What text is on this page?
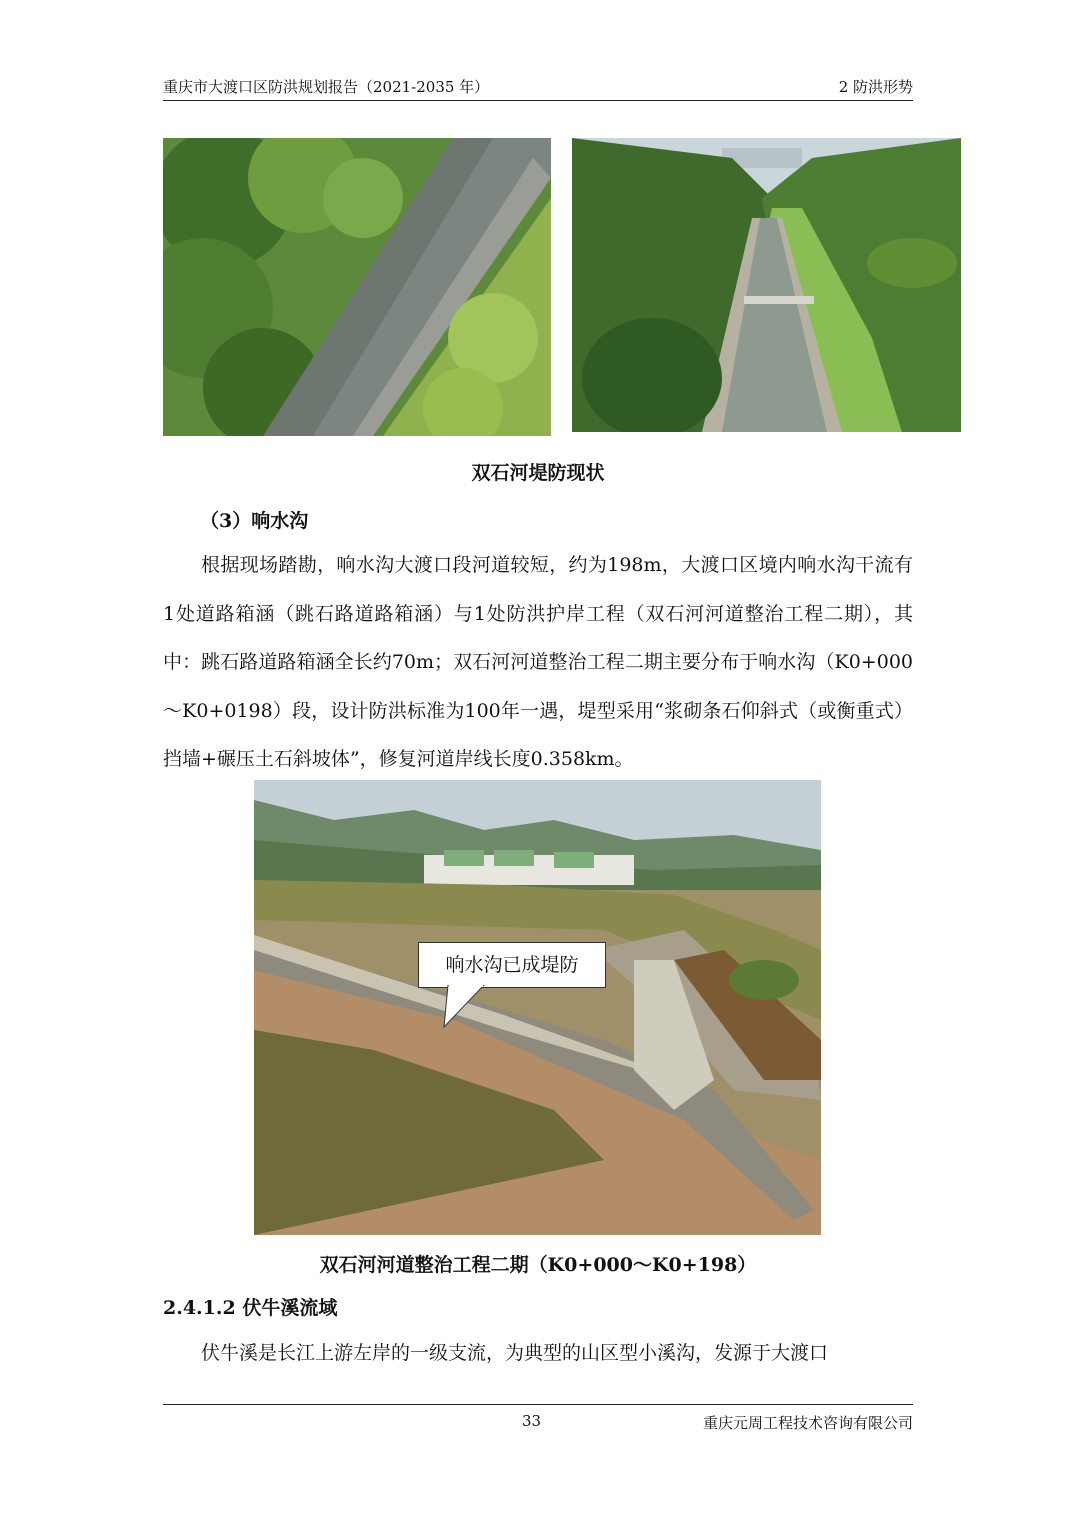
重庆市大渡口区防洪规划报告（2021-2035 年）	2 防洪形势
双石河堤防现状
（3）响水沟
根据现场踏勘，响水沟大渡口段河道较短，约为198m，大渡口区境内响水沟干流有1处道路箱涵（跳石路道路箱涵）与1处防洪护岸工程（双石河河道整治工程二期），其中：跳石路道路箱涵全长约70m；双石河河道整治工程二期主要分布于响水沟（K0+000～K0+0198）段，设计防洪标准为100年一遇，堤型采用“浆砌条石仰斜式（或衡重式）挡墙+碾压土石斜坡体”，修复河道岸线长度0.358km。
响水沟已成堤防
双石河河道整治工程二期（K0+000～K0+198）
2.4.1.2 伏牛溪流域
伏牛溪是长江上游左岸的一级支流，为典型的山区型小溪沟，发源于大渡口
33	重庆元周工程技术咨询有限公司
